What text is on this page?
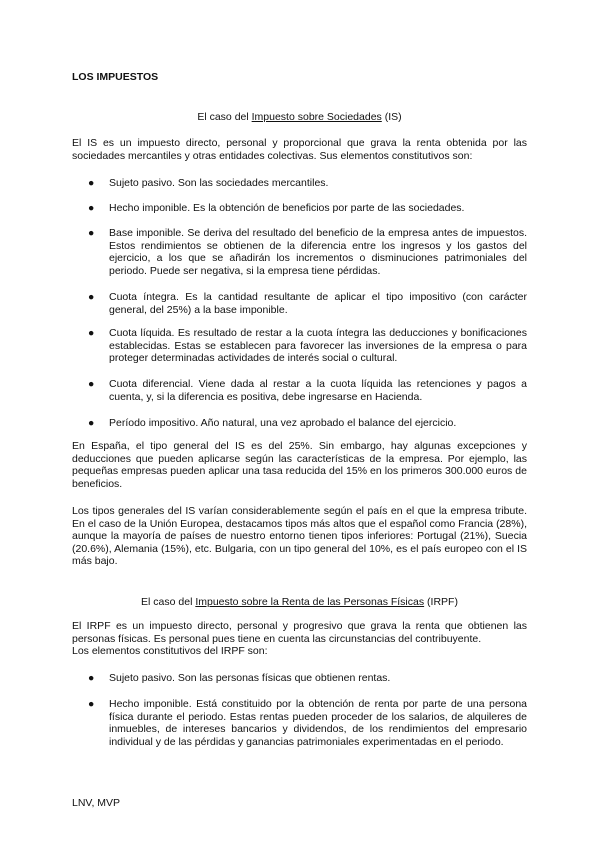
LOS IMPUESTOS
El caso del Impuesto sobre Sociedades (IS)
El IS es un impuesto directo, personal y proporcional que grava la renta obtenida por las sociedades mercantiles y otras entidades colectivas. Sus elementos constitutivos son:
●	Sujeto pasivo. Son las sociedades mercantiles.
●	Hecho imponible. Es la obtención de beneficios por parte de las sociedades.
●	Base imponible. Se deriva del resultado del beneficio de la empresa antes de impuestos. Estos rendimientos se obtienen de la diferencia entre los ingresos y los gastos del ejercicio, a los que se añadirán los incrementos o disminuciones patrimoniales del periodo. Puede ser negativa, si la empresa tiene pérdidas.
●	Cuota íntegra. Es la cantidad resultante de aplicar el tipo impositivo (con carácter general, del 25%) a la base imponible.
●	Cuota líquida. Es resultado de restar a la cuota íntegra las deducciones y bonificaciones establecidas. Estas se establecen para favorecer las inversiones de la empresa o para proteger determinadas actividades de interés social o cultural.
●	Cuota diferencial. Viene dada al restar a la cuota líquida las retenciones y pagos a cuenta, y, si la diferencia es positiva, debe ingresarse en Hacienda.
●	Período impositivo. Año natural, una vez aprobado el balance del ejercicio.
En España, el tipo general del IS es del 25%. Sin embargo, hay algunas excepciones y deducciones que pueden aplicarse según las características de la empresa. Por ejemplo, las pequeñas empresas pueden aplicar una tasa reducida del 15% en los primeros 300.000 euros de beneficios.
Los tipos generales del IS varían considerablemente según el país en el que la empresa tribute. En el caso de la Unión Europea, destacamos tipos más altos que el español como Francia (28%), aunque la mayoría de países de nuestro entorno tienen tipos inferiores: Portugal (21%), Suecia (20.6%), Alemania (15%), etc. Bulgaria, con un tipo general del 10%, es el país europeo con el IS más bajo.
El caso del Impuesto sobre la Renta de las Personas Físicas (IRPF)
El IRPF es un impuesto directo, personal y progresivo que grava la renta que obtienen las personas físicas. Es personal pues tiene en cuenta las circunstancias del contribuyente.
Los elementos constitutivos del IRPF son:
●	Sujeto pasivo. Son las personas físicas que obtienen rentas.
●	Hecho imponible. Está constituido por la obtención de renta por parte de una persona física durante el periodo. Estas rentas pueden proceder de los salarios, de alquileres de inmuebles, de intereses bancarios y dividendos, de los rendimientos del empresario individual y de las pérdidas y ganancias patrimoniales experimentadas en el periodo.
LNV, MVP
